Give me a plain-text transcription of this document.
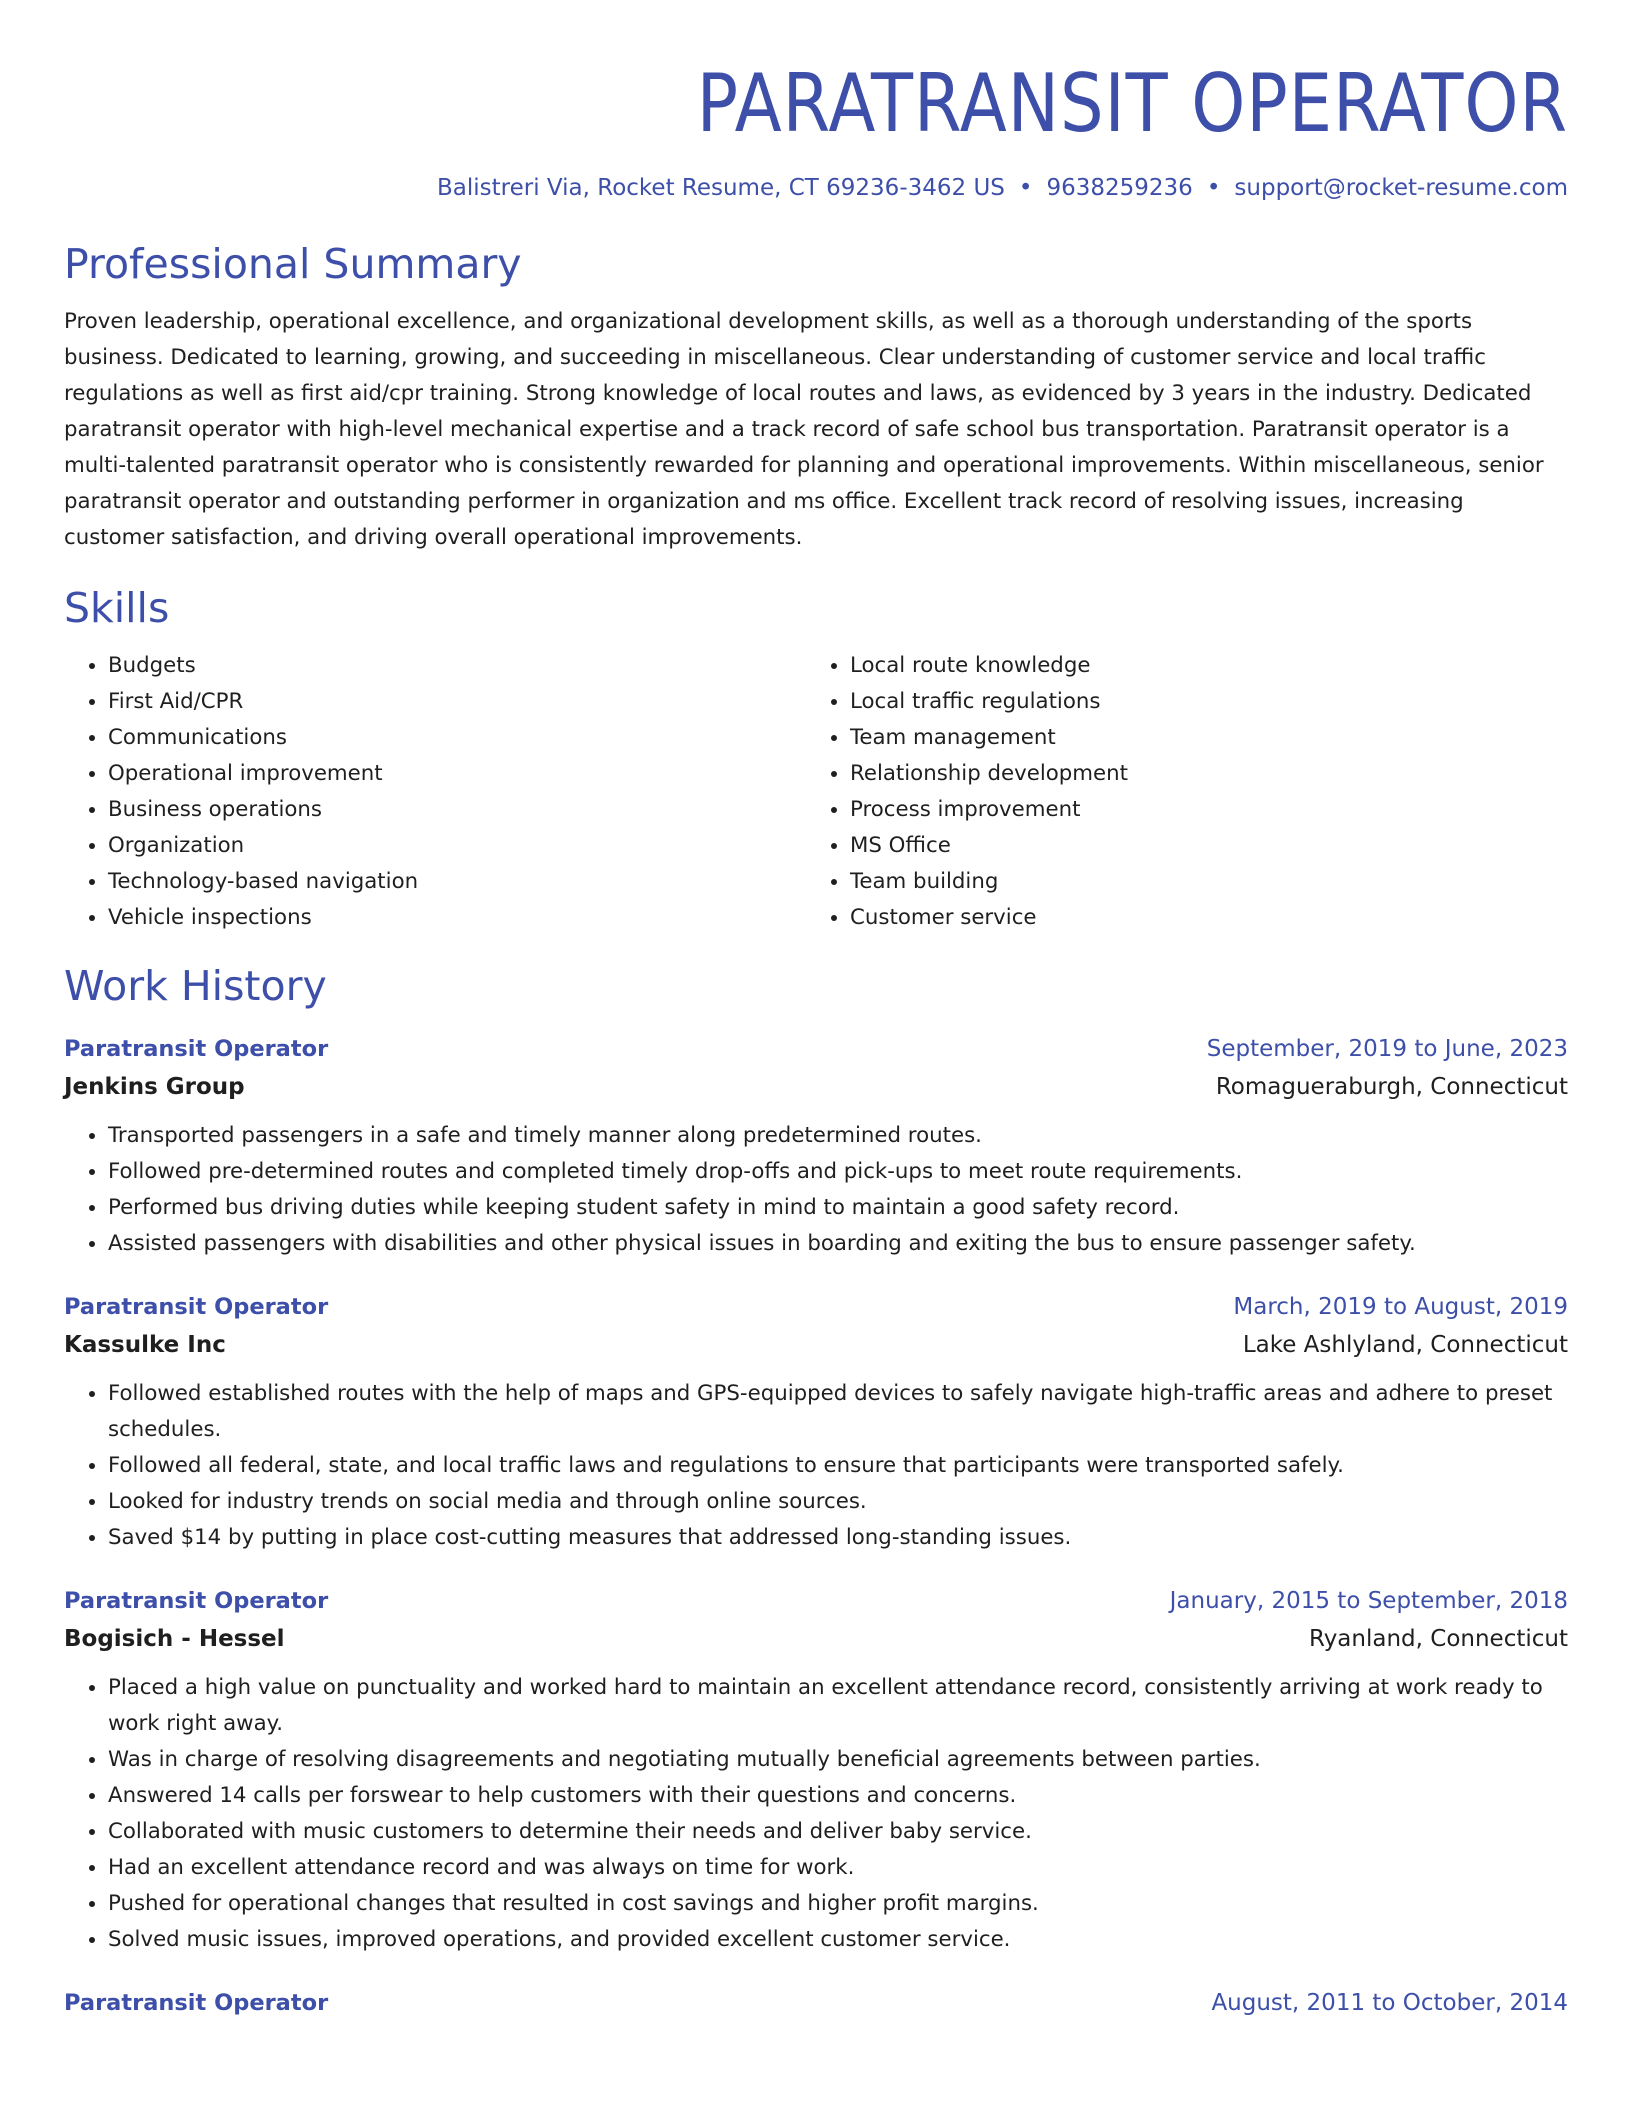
PARATRANSIT OPERATOR
Balistreri Via, Rocket Resume, CT 69236-3462 US • 9638259236 • support@rocket-resume.com
Professional Summary
Proven leadership, operational excellence, and organizational development skills, as well as a thorough understanding of the sports business. Dedicated to learning, growing, and succeeding in miscellaneous. Clear understanding of customer service and local traffic regulations as well as first aid/cpr training. Strong knowledge of local routes and laws, as evidenced by 3 years in the industry. Dedicated paratransit operator with high-level mechanical expertise and a track record of safe school bus transportation. Paratransit operator is a multi-talented paratransit operator who is consistently rewarded for planning and operational improvements. Within miscellaneous, senior paratransit operator and outstanding performer in organization and ms office. Excellent track record of resolving issues, increasing customer satisfaction, and driving overall operational improvements.
Skills
• Budgets
• First Aid/CPR
• Communications
• Operational improvement
• Business operations
• Organization
• Technology-based navigation
• Vehicle inspections
• Local route knowledge
• Local traffic regulations
• Team management
• Relationship development
• Process improvement
• MS Office
• Team building
• Customer service
Work History
Paratransit Operator	September, 2019 to June, 2023
Jenkins Group	Romagueraburgh, Connecticut
• Transported passengers in a safe and timely manner along predetermined routes.
• Followed pre-determined routes and completed timely drop-offs and pick-ups to meet route requirements.
• Performed bus driving duties while keeping student safety in mind to maintain a good safety record.
• Assisted passengers with disabilities and other physical issues in boarding and exiting the bus to ensure passenger safety.
Paratransit Operator	March, 2019 to August, 2019
Kassulke Inc	Lake Ashlyland, Connecticut
• Followed established routes with the help of maps and GPS-equipped devices to safely navigate high-traffic areas and adhere to preset schedules.
• Followed all federal, state, and local traffic laws and regulations to ensure that participants were transported safely.
• Looked for industry trends on social media and through online sources.
• Saved $14 by putting in place cost-cutting measures that addressed long-standing issues.
Paratransit Operator	January, 2015 to September, 2018
Bogisich - Hessel	Ryanland, Connecticut
• Placed a high value on punctuality and worked hard to maintain an excellent attendance record, consistently arriving at work ready to work right away.
• Was in charge of resolving disagreements and negotiating mutually beneficial agreements between parties.
• Answered 14 calls per forswear to help customers with their questions and concerns.
• Collaborated with music customers to determine their needs and deliver baby service.
• Had an excellent attendance record and was always on time for work.
• Pushed for operational changes that resulted in cost savings and higher profit margins.
• Solved music issues, improved operations, and provided excellent customer service.
Paratransit Operator	August, 2011 to October, 2014
